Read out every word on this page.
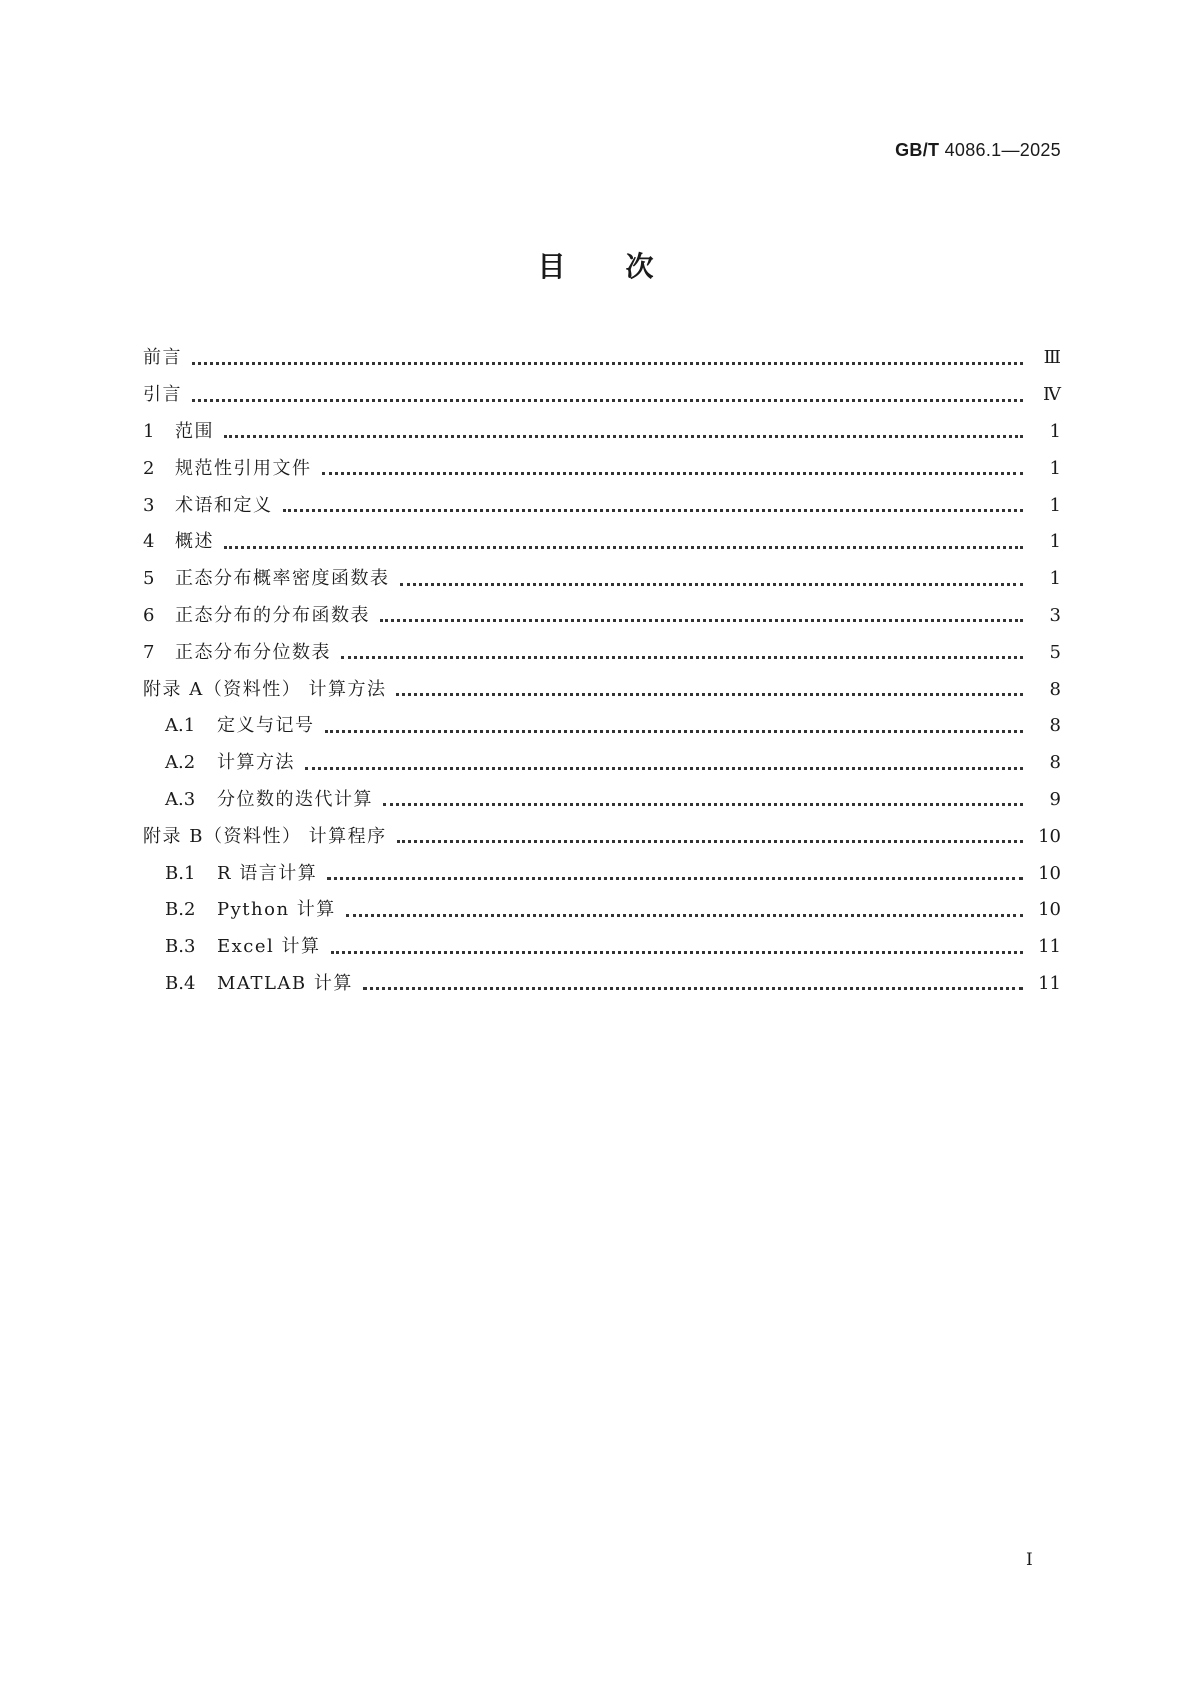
GB/T 4086.1—2025
目 次
前言	Ⅲ
引言	Ⅳ
1	范围	1
2	规范性引用文件	1
3	术语和定义	1
4	概述	1
5	正态分布概率密度函数表	1
6	正态分布的分布函数表	3
7	正态分布分位数表	5
附录 A（资料性） 计算方法	8
A.1	定义与记号	8
A.2	计算方法	8
A.3	分位数的迭代计算	9
附录 B（资料性） 计算程序	10
B.1	R 语言计算	10
B.2	Python 计算	10
B.3	Excel 计算	11
B.4	MATLAB 计算	11
Ⅰ
